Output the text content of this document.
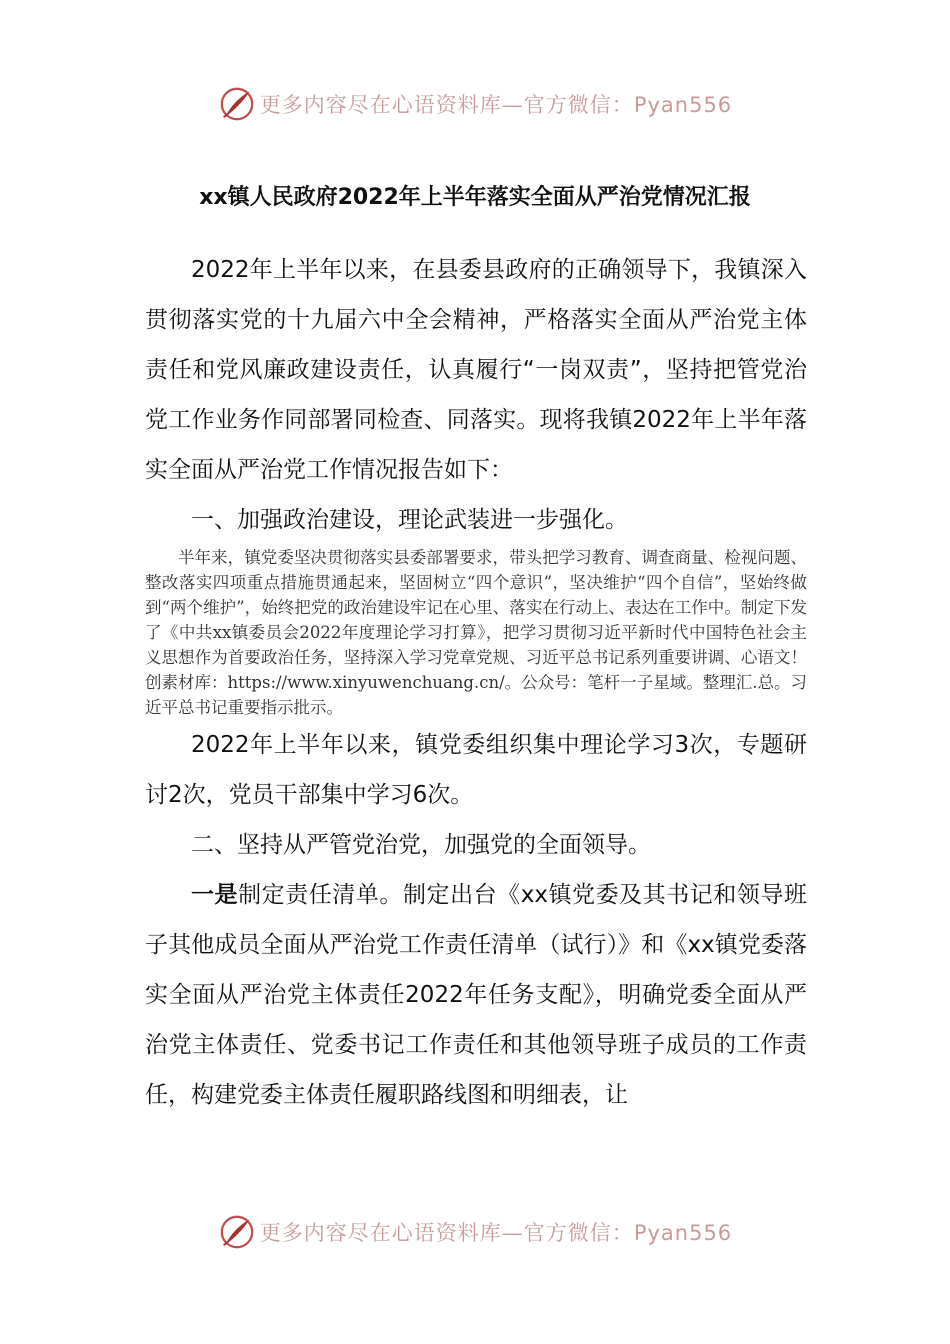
更多内容尽在心语资料库—官方微信：Pyan556
xx镇人民政府2022年上半年落实全面从严治党情况汇报

2022年上半年以来，在县委县政府的正确领导下，我镇深入贯彻落实党的十九届六中全会精神，严格落实全面从严治党主体责任和党风廉政建设责任，认真履行“一岗双责”，坚持把管党治党工作业务作同部署同检查、同落实。现将我镇2022年上半年落实全面从严治党工作情况报告如下：

一、加强政治建设，理论武装进一步强化。

半年来，镇党委坚决贯彻落实县委部署要求，带头把学习教育、调查商量、检视问题、整改落实四项重点措施贯通起来，坚固树立“四个意识”，坚决维护“四个自信”，坚始终做到“两个维护”，始终把党的政治建设牢记在心里、落实在行动上、表达在工作中。制定下发了《中共xx镇委员会2022年度理论学习打算》，把学习贯彻习近平新时代中国特色社会主义思想作为首要政治任务，坚持深入学习党章党规、习近平总书记系列重要讲调、心语文！创素材库：https://www.xinyuwenchuang.cn/。公众号：笔杆一子星域。整理汇.总。习近平总书记重要指示批示。

2022年上半年以来，镇党委组织集中理论学习3次，专题研讨2次，党员干部集中学习6次。

二、坚持从严管党治党，加强党的全面领导。

一是制定责任清单。制定出台《xx镇党委及其书记和领导班子其他成员全面从严治党工作责任清单（试行）》和《xx镇党委落实全面从严治党主体责任2022年任务支配》，明确党委全面从严治党主体责任、党委书记工作责任和其他领导班子成员的工作责任，构建党委主体责任履职路线图和明细表，让

更多内容尽在心语资料库—官方微信：Pyan556
